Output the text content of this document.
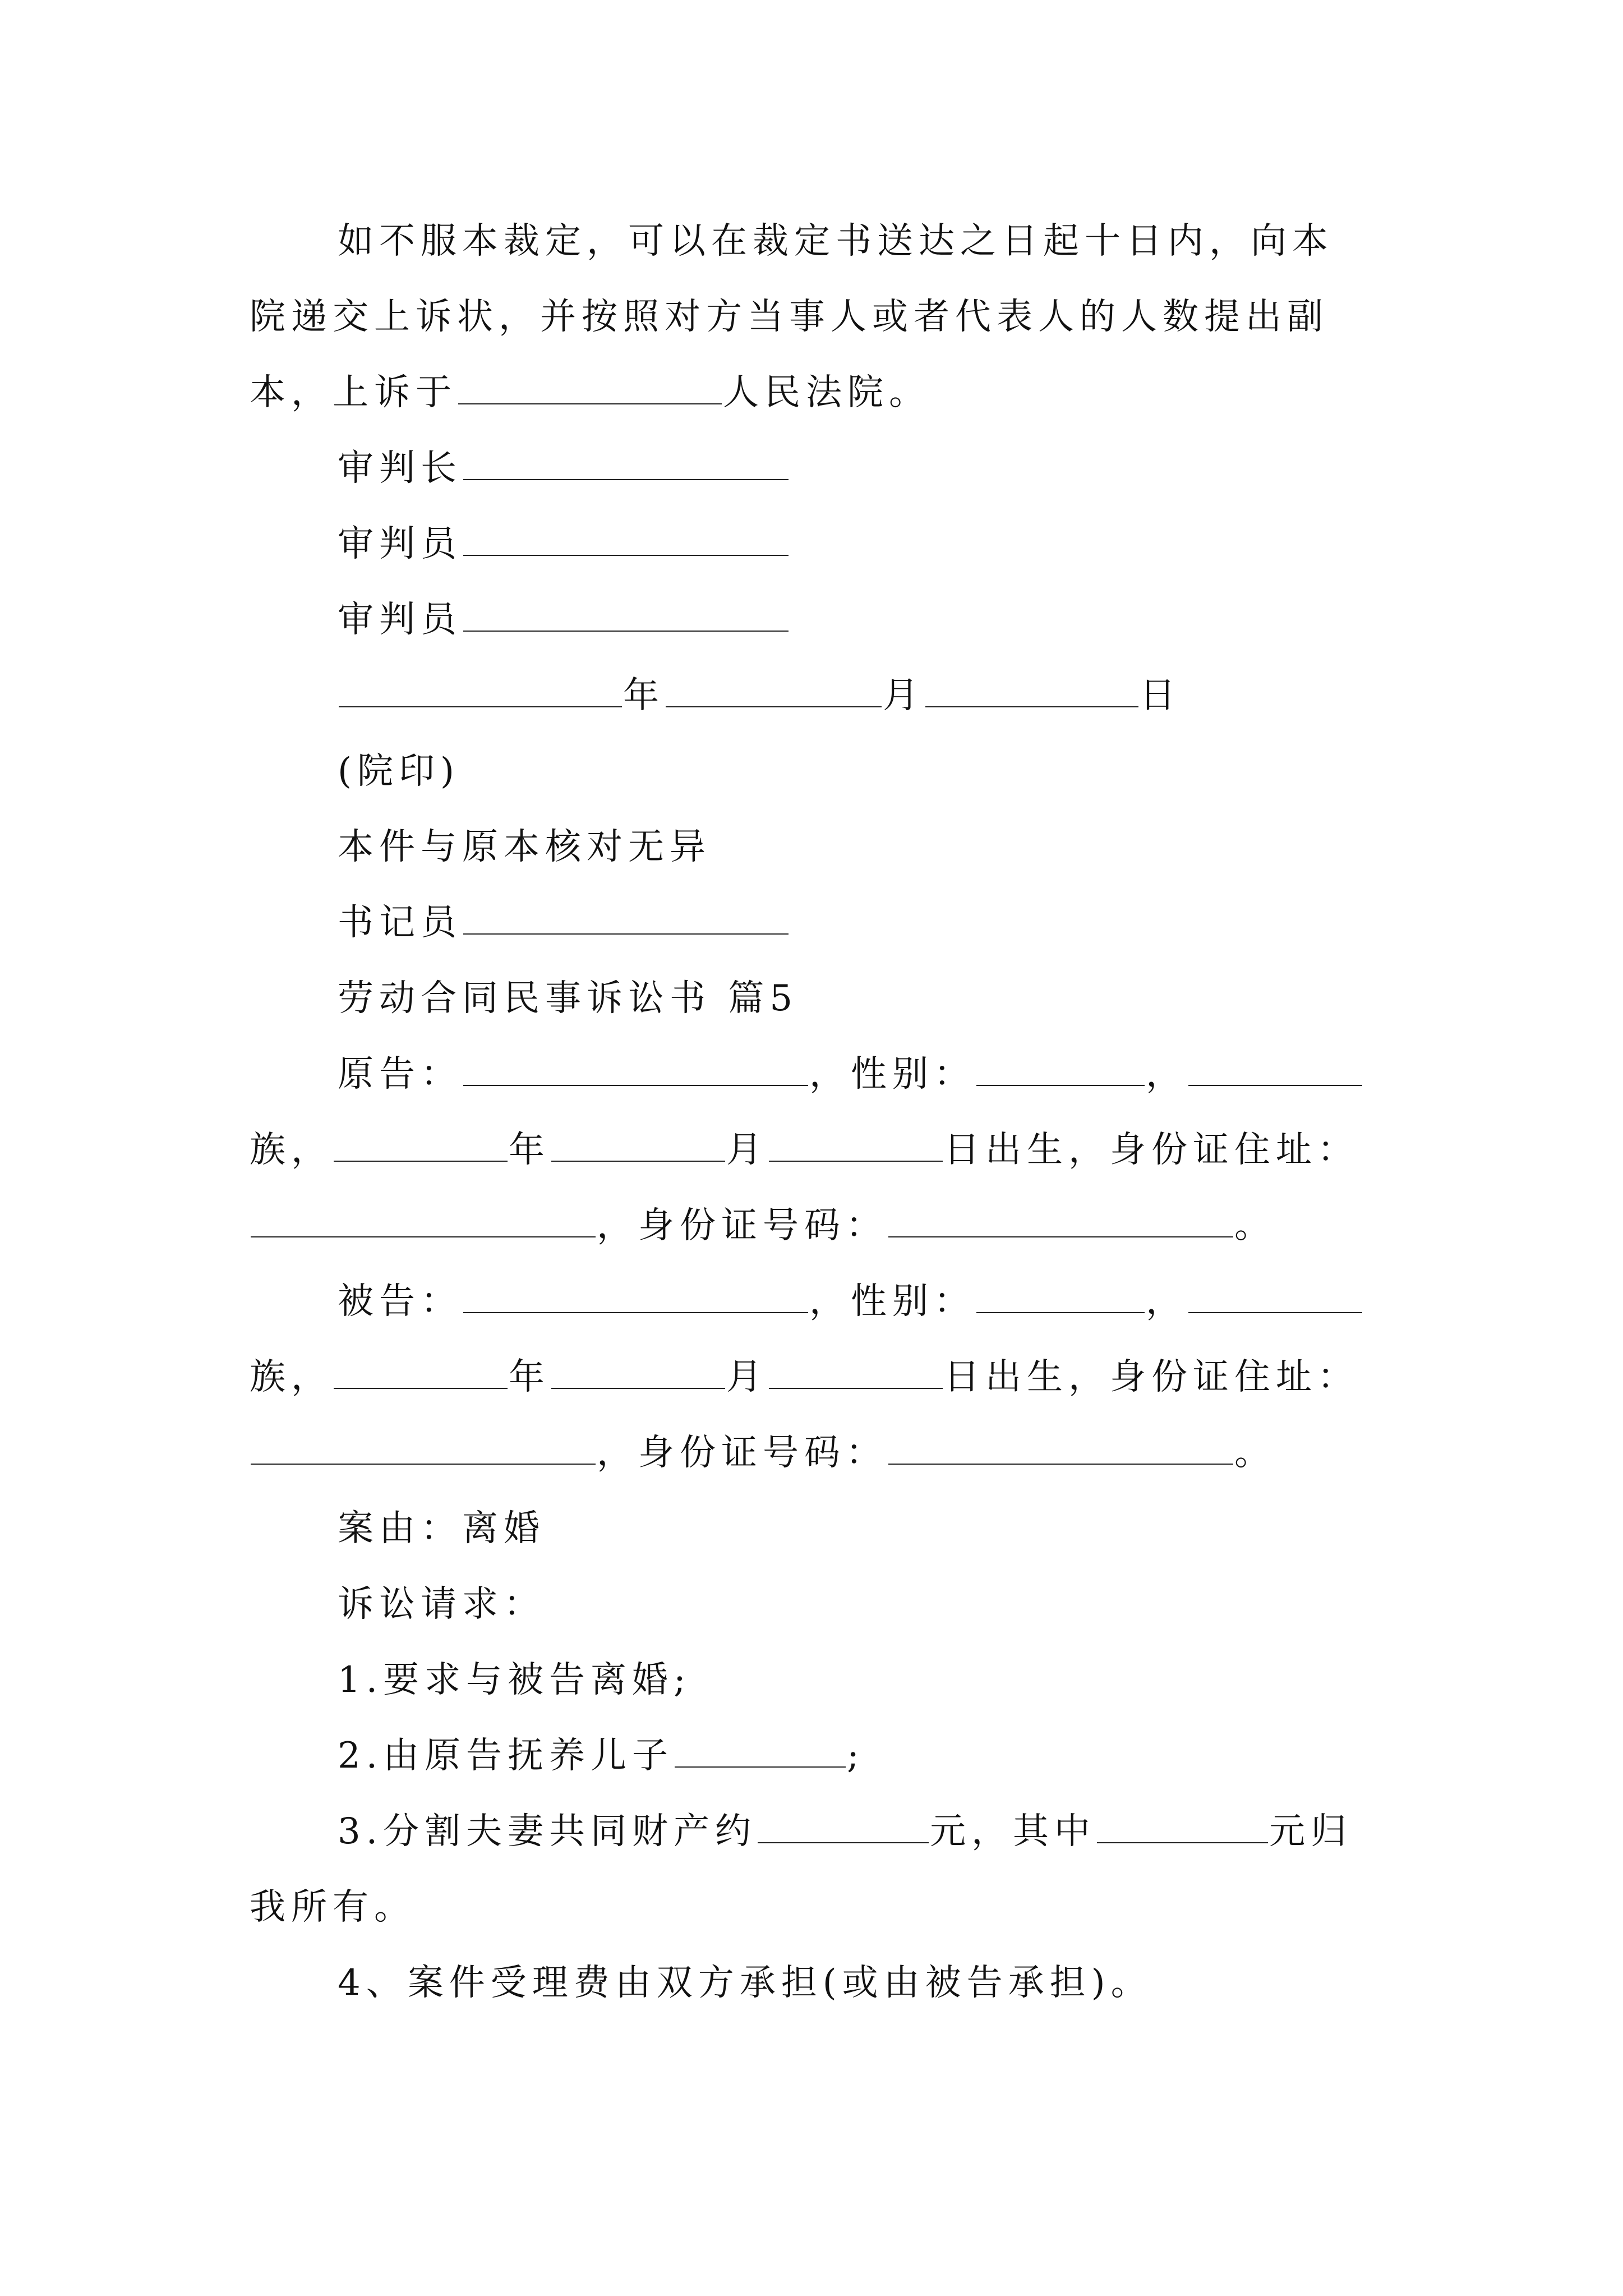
如不服本裁定，可以在裁定书送达之日起十日内，向本
院递交上诉状，并按照对方当事人或者代表人的人数提出副
本，上诉于	人民法院。
审判长
审判员
审判员
年	月	日
(院印)
本件与原本核对无异
书记员
劳动合同民事诉讼书 篇5
原告：	，性别：	，
族，	年	月	日出生，身份证住址：
，身份证号码：	。
被告：	，性别：	，
族，	年	月	日出生，身份证住址：
，身份证号码：	。
案由：离婚
诉讼请求：
1.要求与被告离婚;
2.由原告抚养儿子	;
3.分割夫妻共同财产约	元，其中	元归
我所有。
4、案件受理费由双方承担(或由被告承担)。
